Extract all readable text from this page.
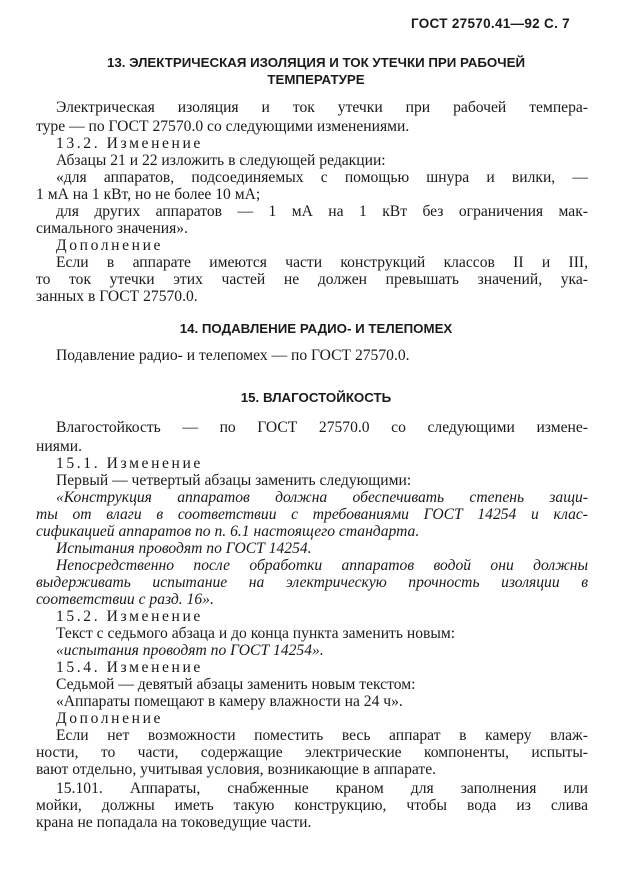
ГОСТ 27570.41—92 С. 7
13. ЭЛЕКТРИЧЕСКАЯ ИЗОЛЯЦИЯ И ТОК УТЕЧКИ ПРИ РАБОЧЕЙ
ТЕМПЕРАТУРЕ
Электрическая изоляция и ток утечки при рабочей темпера-
туре — по ГОСТ 27570.0 со следующими изменениями.
13.2. Изменение
Абзацы 21 и 22 изложить в следующей редакции:
«для аппаратов, подсоединяемых с помощью шнура и вилки, —
1 мА на 1 кВт, но не более 10 мА;
для других аппаратов — 1 мА на 1 кВт без ограничения мак-
симального значения».
Дополнение
Если в аппарате имеются части конструкций классов II и III,
то ток утечки этих частей не должен превышать значений, ука-
занных в ГОСТ 27570.0.
14. ПОДАВЛЕНИЕ РАДИО- И ТЕЛЕПОМЕХ
Подавление радио- и телепомех — по ГОСТ 27570.0.
15. ВЛАГОСТОЙКОСТЬ
Влагостойкость — по ГОСТ 27570.0 со следующими измене-
ниями.
15.1. Изменение
Первый — четвертый абзацы заменить следующими:
«Конструкция аппаратов должна обеспечивать степень защи-
ты от влаги в соответствии с требованиями ГОСТ 14254 и клас-
сификацией аппаратов по п. 6.1 настоящего стандарта.
Испытания проводят по ГОСТ 14254.
Непосредственно после обработки аппаратов водой они должны
выдерживать испытание на электрическую прочность изоляции в
соответствии с разд. 16».
15.2. Изменение
Текст с седьмого абзаца и до конца пункта заменить новым:
«испытания проводят по ГОСТ 14254».
15.4. Изменение
Седьмой — девятый абзацы заменить новым текстом:
«Аппараты помещают в камеру влажности на 24 ч».
Дополнение
Если нет возможности поместить весь аппарат в камеру влаж-
ности, то части, содержащие электрические компоненты, испыты-
вают отдельно, учитывая условия, возникающие в аппарате.
15.101. Аппараты, снабженные краном для заполнения или
мойки, должны иметь такую конструкцию, чтобы вода из слива
крана не попадала на токоведущие части.
